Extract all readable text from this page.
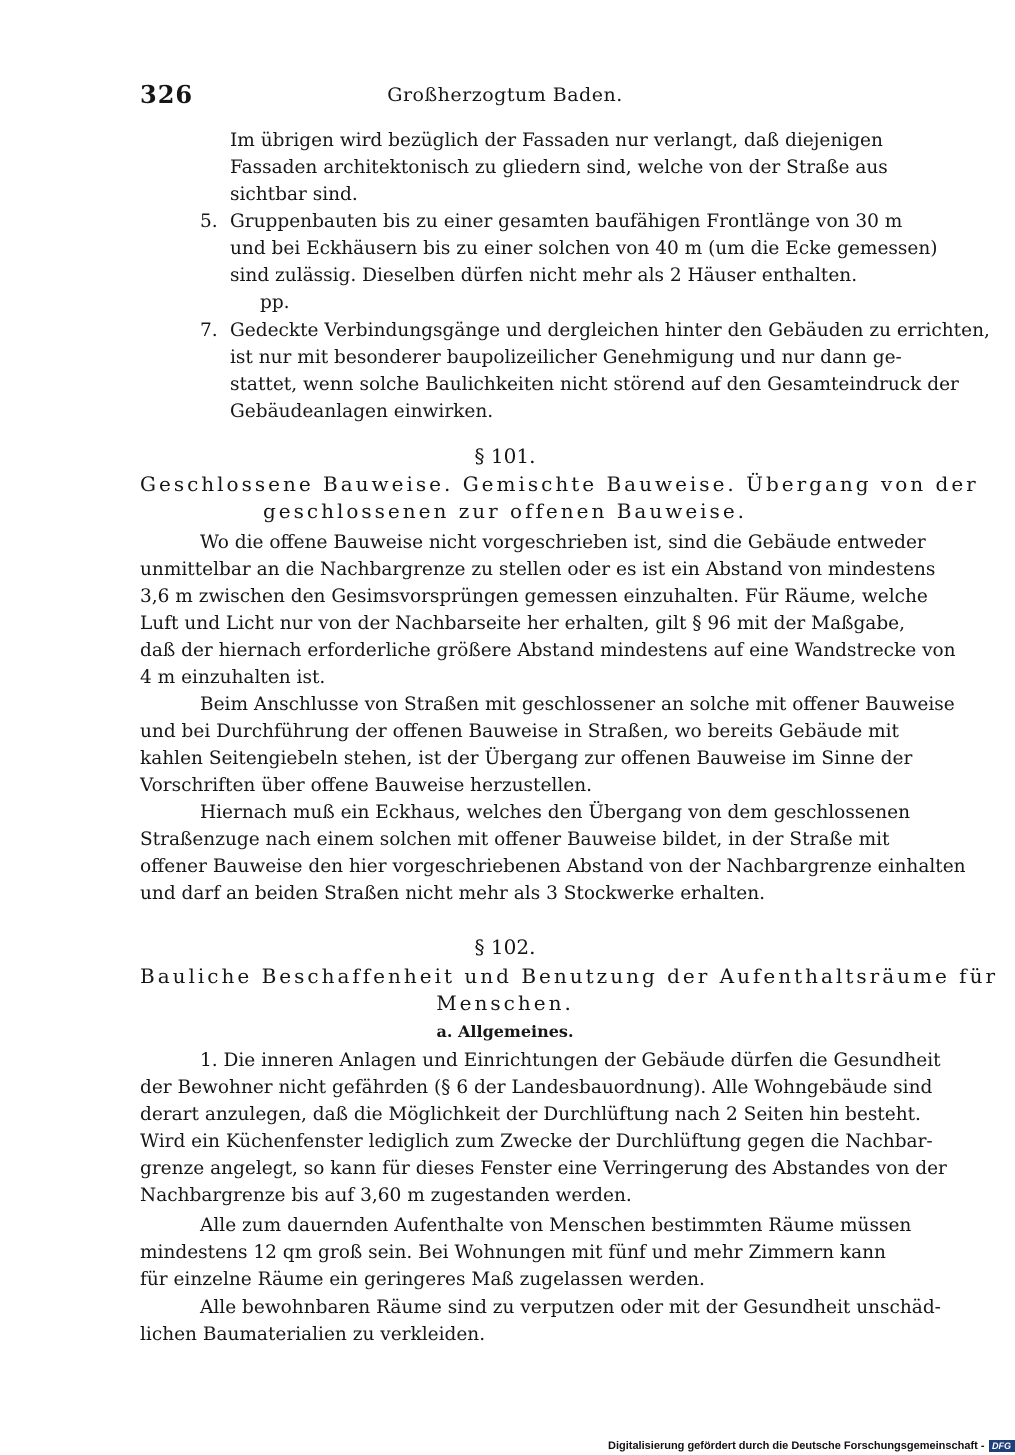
326	Großherzogtum Baden.
Im übrigen wird bezüglich der Fassaden nur verlangt, daß diejenigen
Fassaden architektonisch zu gliedern sind, welche von der Straße aus
sichtbar sind.
5. Gruppenbauten bis zu einer gesamten baufähigen Frontlänge von 30 m
und bei Eckhäusern bis zu einer solchen von 40 m (um die Ecke gemessen)
sind zulässig. Dieselben dürfen nicht mehr als 2 Häuser enthalten.
pp.
7. Gedeckte Verbindungsgänge und dergleichen hinter den Gebäuden zu errichten,
ist nur mit besonderer baupolizeilicher Genehmigung und nur dann ge-
stattet, wenn solche Baulichkeiten nicht störend auf den Gesamteindruck der
Gebäudeanlagen einwirken.
§ 101.
Geschlossene Bauweise. Gemischte Bauweise. Übergang von der
geschlossenen zur offenen Bauweise.
Wo die offene Bauweise nicht vorgeschrieben ist, sind die Gebäude entweder
unmittelbar an die Nachbargrenze zu stellen oder es ist ein Abstand von mindestens
3,6 m zwischen den Gesimsvorsprüngen gemessen einzuhalten. Für Räume, welche
Luft und Licht nur von der Nachbarseite her erhalten, gilt § 96 mit der Maßgabe,
daß der hiernach erforderliche größere Abstand mindestens auf eine Wandstrecke von
4 m einzuhalten ist.
Beim Anschlusse von Straßen mit geschlossener an solche mit offener Bauweise
und bei Durchführung der offenen Bauweise in Straßen, wo bereits Gebäude mit
kahlen Seitengiebeln stehen, ist der Übergang zur offenen Bauweise im Sinne der
Vorschriften über offene Bauweise herzustellen.
Hiernach muß ein Eckhaus, welches den Übergang von dem geschlossenen
Straßenzuge nach einem solchen mit offener Bauweise bildet, in der Straße mit
offener Bauweise den hier vorgeschriebenen Abstand von der Nachbargrenze einhalten
und darf an beiden Straßen nicht mehr als 3 Stockwerke erhalten.
§ 102.
Bauliche Beschaffenheit und Benutzung der Aufenthaltsräume für
Menschen.
a. Allgemeines.
1. Die inneren Anlagen und Einrichtungen der Gebäude dürfen die Gesundheit
der Bewohner nicht gefährden (§ 6 der Landesbauordnung). Alle Wohngebäude sind
derart anzulegen, daß die Möglichkeit der Durchlüftung nach 2 Seiten hin besteht.
Wird ein Küchenfenster lediglich zum Zwecke der Durchlüftung gegen die Nachbar-
grenze angelegt, so kann für dieses Fenster eine Verringerung des Abstandes von der
Nachbargrenze bis auf 3,60 m zugestanden werden.
Alle zum dauernden Aufenthalte von Menschen bestimmten Räume müssen
mindestens 12 qm groß sein. Bei Wohnungen mit fünf und mehr Zimmern kann
für einzelne Räume ein geringeres Maß zugelassen werden.
Alle bewohnbaren Räume sind zu verputzen oder mit der Gesundheit unschäd-
lichen Baumaterialien zu verkleiden.
Digitalisierung gefördert durch die Deutsche Forschungsgemeinschaft - DFG
